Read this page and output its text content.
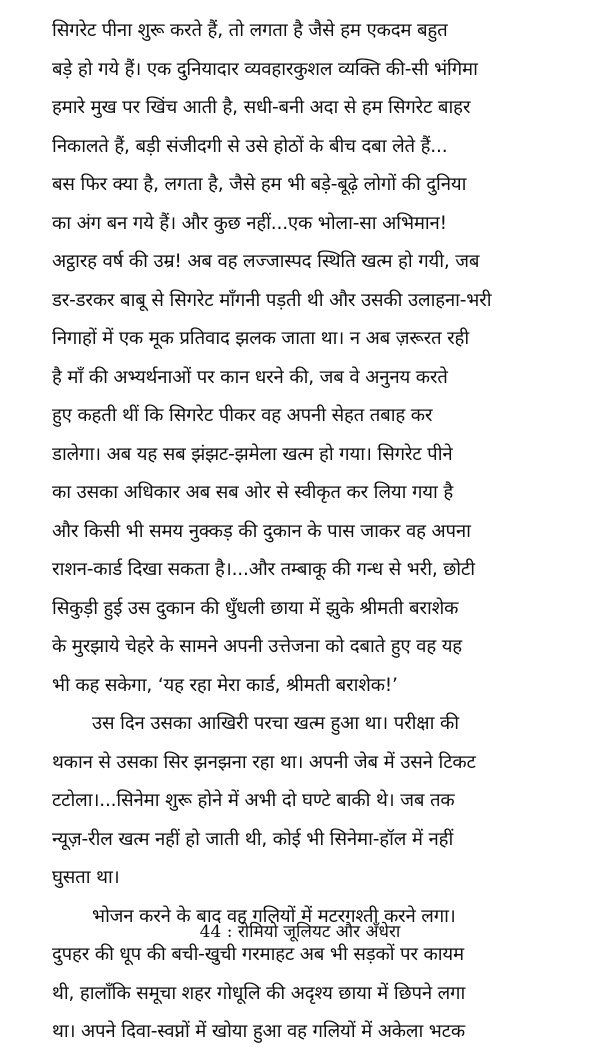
सिगरेट पीना शुरू करते हैं, तो लगता है जैसे हम एकदम बहुत
बड़े हो गये हैं। एक दुनियादार व्यवहारकुशल व्यक्ति की-सी भंगिमा
हमारे मुख पर खिंच आती है, सधी-बनी अदा से हम सिगरेट बाहर
निकालते हैं, बड़ी संजीदगी से उसे होठों के बीच दबा लेते हैं...
बस फिर क्या है, लगता है, जैसे हम भी बड़े-बूढ़े लोगों की दुनिया
का अंग बन गये हैं। और कुछ नहीं...एक भोला-सा अभिमान!
अट्ठारह वर्ष की उम्र! अब वह लज्जास्पद स्थिति खत्म हो गयी, जब
डर-डरकर बाबू से सिगरेट माँगनी पड़ती थी और उसकी उलाहना-भरी
निगाहों में एक मूक प्रतिवाद झलक जाता था। न अब ज़रूरत रही
है माँ की अभ्यर्थनाओं पर कान धरने की, जब वे अनुनय करते
हुए कहती थीं कि सिगरेट पीकर वह अपनी सेहत तबाह कर
डालेगा। अब यह सब झंझट-झमेला खत्म हो गया। सिगरेट पीने
का उसका अधिकार अब सब ओर से स्वीकृत कर लिया गया है
और किसी भी समय नुक्कड़ की दुकान के पास जाकर वह अपना
राशन-कार्ड दिखा सकता है।...और तम्बाकू की गन्ध से भरी, छोटी
सिकुड़ी हुई उस दुकान की धुँधली छाया में झुके श्रीमती बराशेक
के मुरझाये चेहरे के सामने अपनी उत्तेजना को दबाते हुए वह यह
भी कह सकेगा, ‘यह रहा मेरा कार्ड, श्रीमती बराशेक!’
उस दिन उसका आखिरी परचा खत्म हुआ था। परीक्षा की
थकान से उसका सिर झनझना रहा था। अपनी जेब में उसने टिकट
टटोला।...सिनेमा शुरू होने में अभी दो घण्टे बाकी थे। जब तक
न्यूज़-रील खत्म नहीं हो जाती थी, कोई भी सिनेमा-हॉल में नहीं
घुसता था।
भोजन करने के बाद वह गलियों में मटरगश्ती करने लगा।
दुपहर की धूप की बची-खुची गरमाहट अब भी सड़कों पर कायम
थी, हालाँकि समूचा शहर गोधूलि की अदृश्य छाया में छिपने लगा
था। अपने दिवा-स्वप्नों में खोया हुआ वह गलियों में अकेला भटक
44 : रोमियो जूलियट और अँधेरा
